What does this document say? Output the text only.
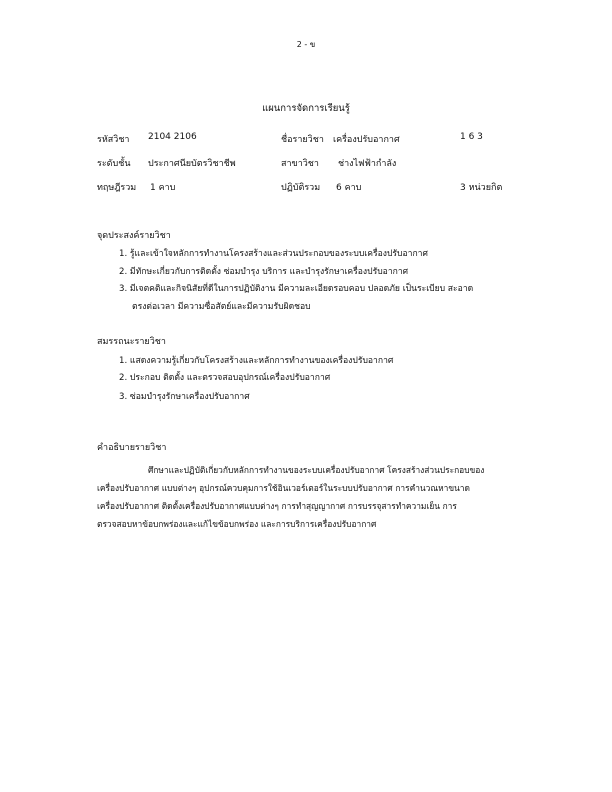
2 - ข
แผนการจัดการเรียนรู้
รหัสวิชา 2104 2106	ชื่อรายวิชา เครื่องปรับอากาศ	1 6 3
ระดับชั้น ประกาศนียบัตรวิชาชีพ	สาขาวิชา ช่างไฟฟ้ากำลัง
ทฤษฎีรวม 1 คาบ	ปฏิบัติรวม 6 คาบ	3 หน่วยกิต
จุดประสงค์รายวิชา
1. รู้และเข้าใจหลักการทำงานโครงสร้างและส่วนประกอบของระบบเครื่องปรับอากาศ
2. มีทักษะเกี่ยวกับการติดตั้ง ซ่อมบำรุง บริการ และบำรุงรักษาเครื่องปรับอากาศ
3. มีเจตคติและกิจนิสัยที่ดีในการปฏิบัติงาน มีความละเอียดรอบคอบ ปลอดภัย เป็นระเบียบ สะอาด
ตรงต่อเวลา มีความซื่อสัตย์และมีความรับผิดชอบ
สมรรถนะรายวิชา
1. แสดงความรู้เกี่ยวกับโครงสร้างและหลักการทำงานของเครื่องปรับอากาศ
2. ประกอบ ติดตั้ง และตรวจสอบอุปกรณ์เครื่องปรับอากาศ
3. ซ่อมบำรุงรักษาเครื่องปรับอากาศ
คำอธิบายรายวิชา
ศึกษาและปฏิบัติเกี่ยวกับหลักการทำงานของระบบเครื่องปรับอากาศ โครงสร้างส่วนประกอบของ
เครื่องปรับอากาศ แบบต่างๆ อุปกรณ์ควบคุมการใช้อินเวอร์เตอร์ในระบบปรับอากาศ การคำนวณหาขนาด
เครื่องปรับอากาศ ติดตั้งเครื่องปรับอากาศแบบต่างๆ การทำสุญญากาศ การบรรจุสารทำความเย็น การ
ตรวจสอบหาข้อบกพร่องและแก้ไขข้อบกพร่อง และการบริการเครื่องปรับอากาศ
